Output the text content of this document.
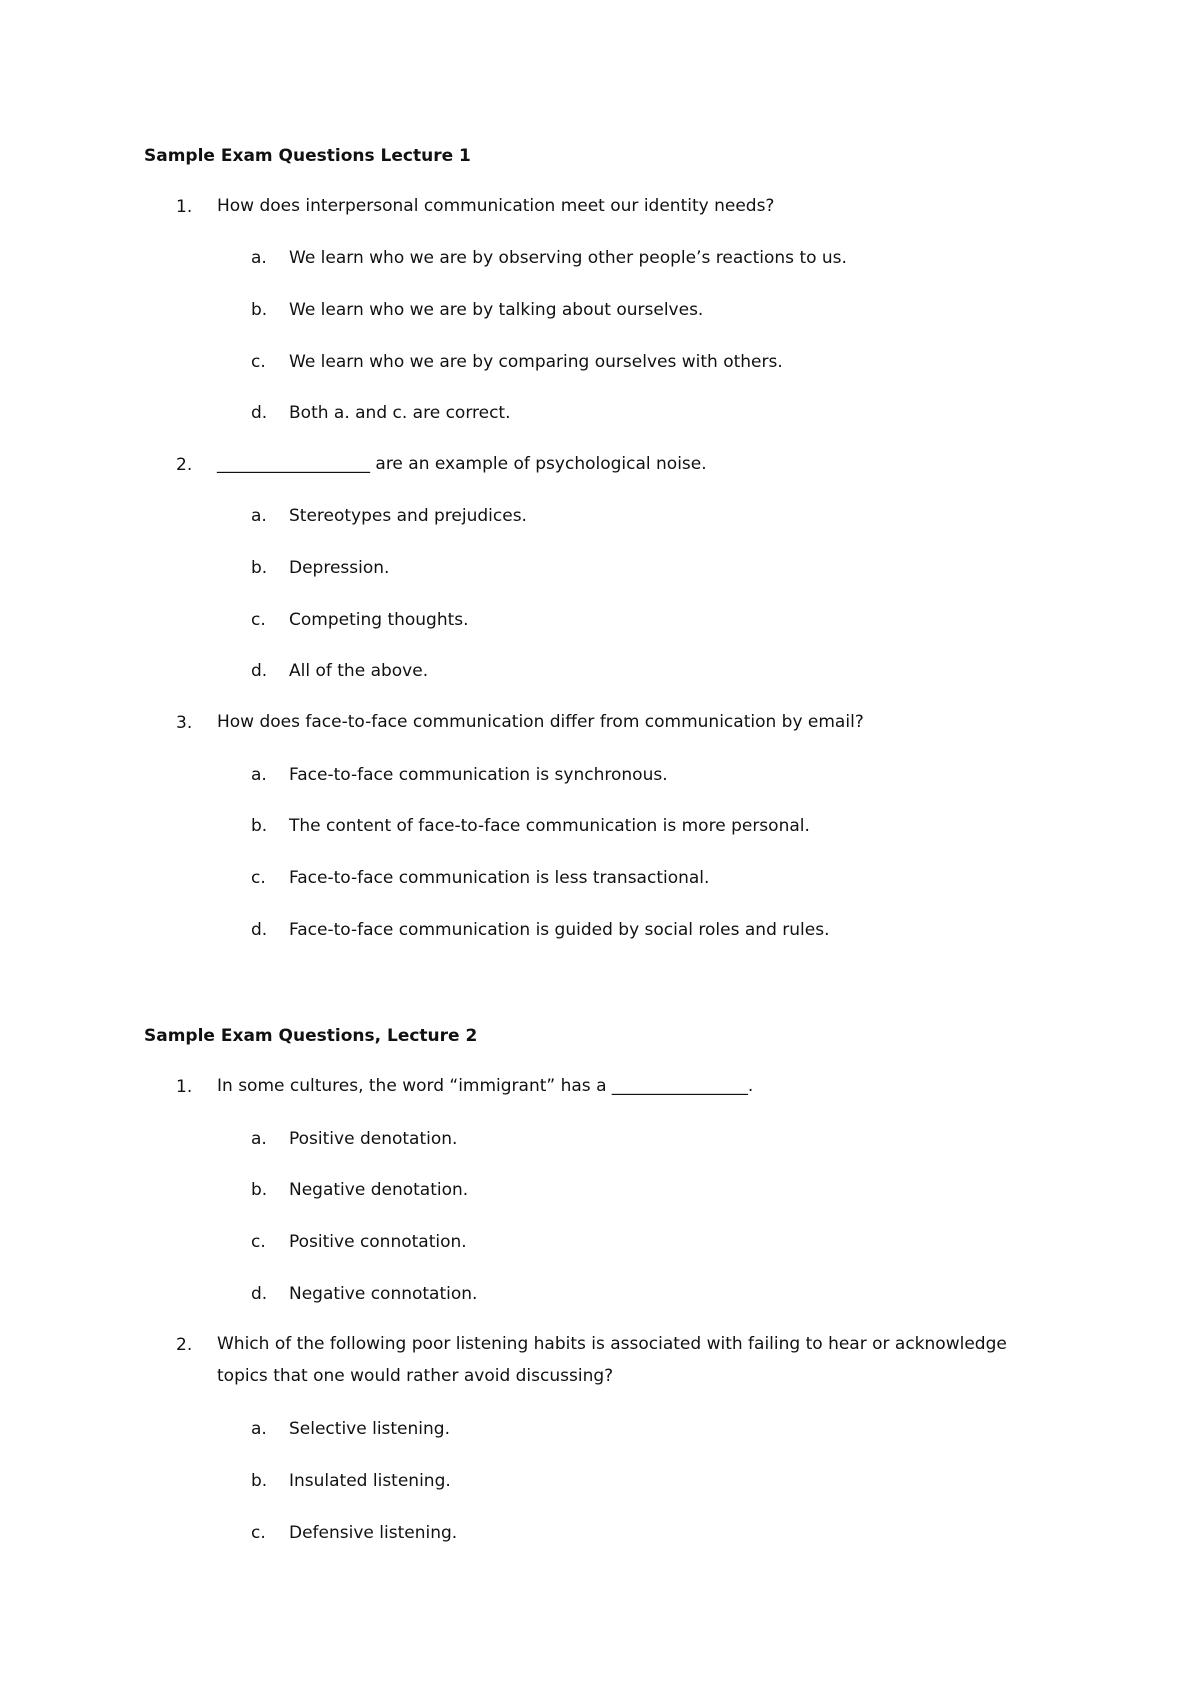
Sample Exam Questions Lecture 1
1. How does interpersonal communication meet our identity needs?
a. We learn who we are by observing other people’s reactions to us.
b. We learn who we are by talking about ourselves.
c. We learn who we are by comparing ourselves with others.
d. Both a. and c. are correct.
2. __________________ are an example of psychological noise.
a. Stereotypes and prejudices.
b. Depression.
c. Competing thoughts.
d. All of the above.
3. How does face-to-face communication differ from communication by email?
a. Face-to-face communication is synchronous.
b. The content of face-to-face communication is more personal.
c. Face-to-face communication is less transactional.
d. Face-to-face communication is guided by social roles and rules.
Sample Exam Questions, Lecture 2
1. In some cultures, the word “immigrant” has a ________________.
a. Positive denotation.
b. Negative denotation.
c. Positive connotation.
d. Negative connotation.
2. Which of the following poor listening habits is associated with failing to hear or acknowledge
topics that one would rather avoid discussing?
a. Selective listening.
b. Insulated listening.
c. Defensive listening.
